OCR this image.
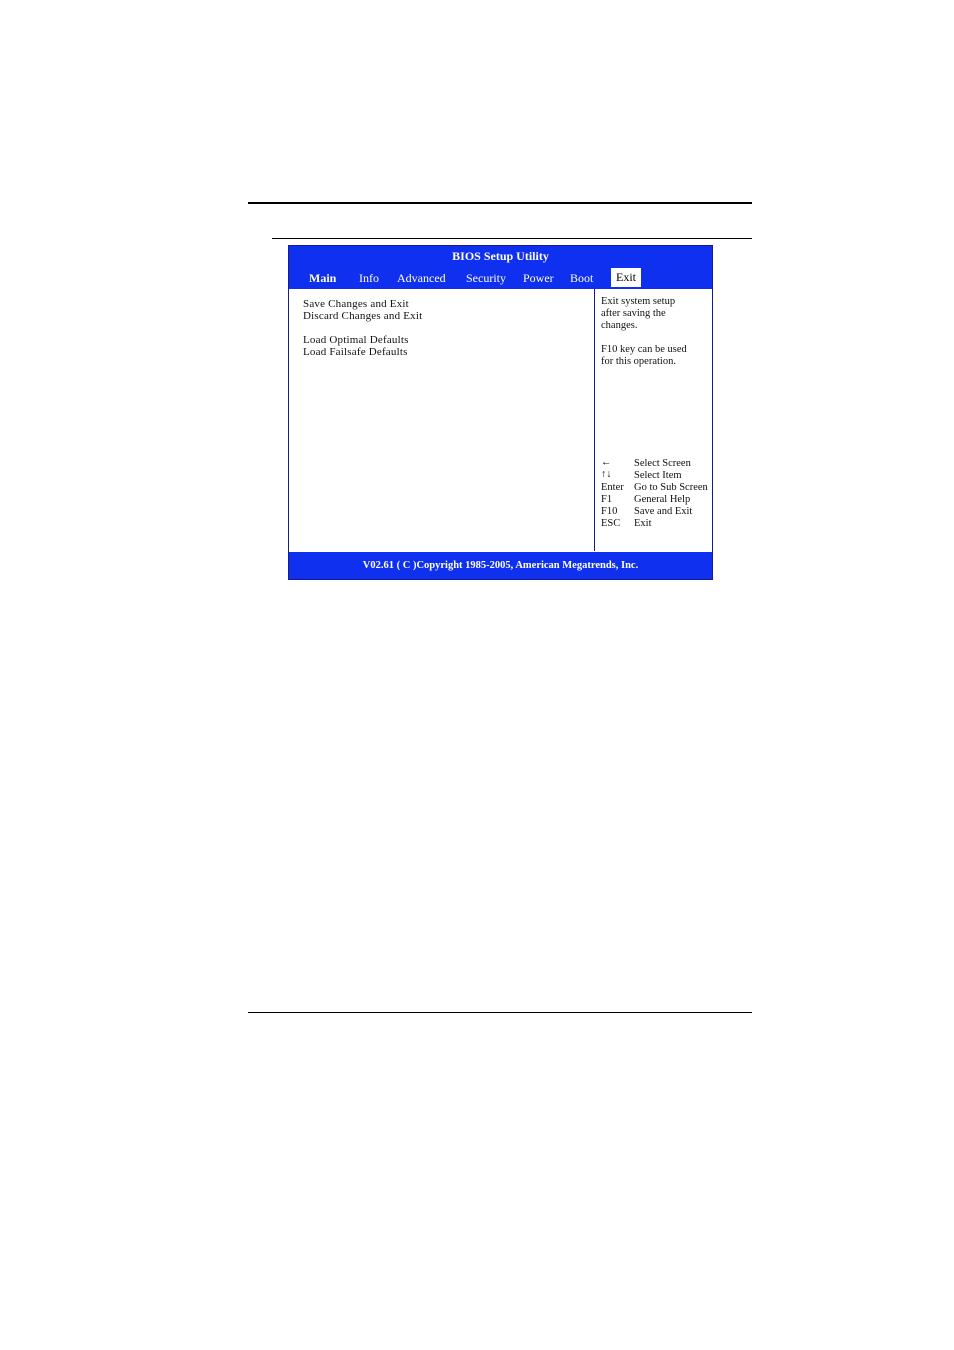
BIOS Setup Utility
Main Info Advanced Security Power Boot	Exit
Save Changes and Exit
Discard Changes and Exit
Load Optimal Defaults
Load Failsafe Defaults
Exit system setup
after saving the
changes.
F10 key can be used
for this operation.
← Select Screen
↑↓ Select Item
Enter Go to Sub Screen
F1 General Help
F10 Save and Exit
ESC Exit
V02.61 ( C )Copyright 1985-2005, American Megatrends, Inc.
